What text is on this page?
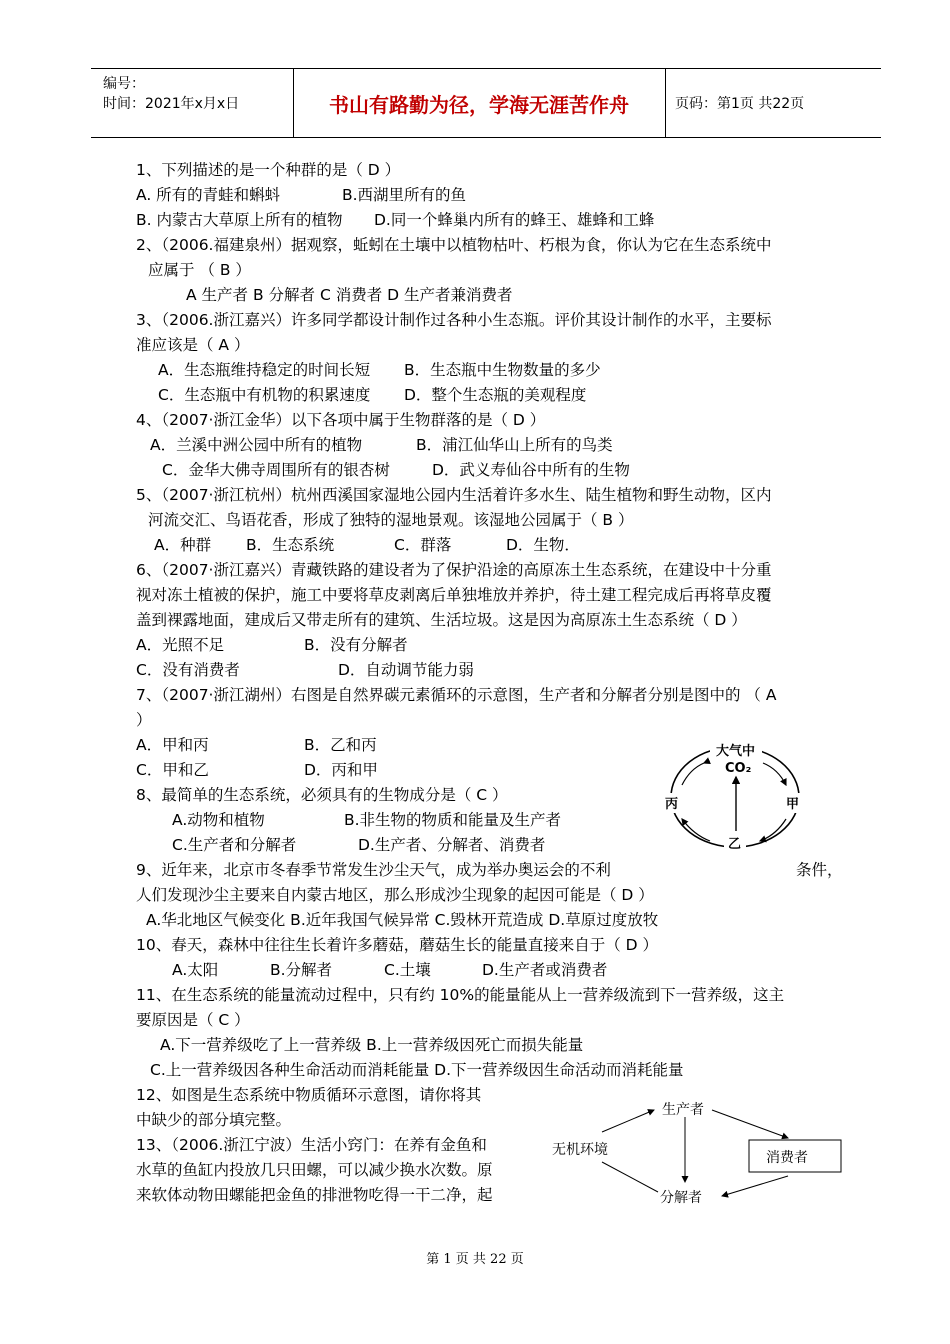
编号：
时间：2021年x月x日	书山有路勤为径，学海无涯苦作舟	页码：第1页 共22页
1、下列描述的是一个种群的是（ D ）
A. 所有的青蛙和蝌蚪	B.西湖里所有的鱼
B. 内蒙古大草原上所有的植物 D.同一个蜂巢内所有的蜂王、雄蜂和工蜂
2、（2006.福建泉州）据观察，蚯蚓在土壤中以植物枯叶、朽根为食，你认为它在生态系统中
应属于 （ B ）
A 生产者 B 分解者 C 消费者 D 生产者兼消费者
3、（2006.浙江嘉兴）许多同学都设计制作过各种小生态瓶。评价其设计制作的水平，主要标
准应该是（ A ）
A．生态瓶维持稳定的时间长短 B．生态瓶中生物数量的多少
C．生态瓶中有机物的积累速度 D．整个生态瓶的美观程度
4、（2007·浙江金华）以下各项中属于生物群落的是（ D ）
A．兰溪中洲公园中所有的植物	B．浦江仙华山上所有的鸟类
C．金华大佛寺周围所有的银杏树	D．武义寿仙谷中所有的生物
5、（2007·浙江杭州）杭州西溪国家湿地公园内生活着许多水生、陆生植物和野生动物，区内
河流交汇、鸟语花香，形成了独特的湿地景观。该湿地公园属于（ B ）
A．种群 B．生态系统	C．群落	D．生物．
6、（2007·浙江嘉兴）青藏铁路的建设者为了保护沿途的高原冻土生态系统，在建设中十分重
视对冻土植被的保护，施工中要将草皮剥离后单独堆放并养护，待土建工程完成后再将草皮覆
盖到裸露地面，建成后又带走所有的建筑、生活垃圾。这是因为高原冻土生态系统（ D ）
A．光照不足	B．没有分解者
C．没有消费者	D．自动调节能力弱
7、（2007·浙江湖州）右图是自然界碳元素循环的示意图，生产者和分解者分别是图中的 （ A
）
A．甲和丙	B．乙和丙
C．甲和乙	D．丙和甲
8、最简单的生态系统，必须具有的生物成分是（ C ）
A.动物和植物	B.非生物的物质和能量及生产者
C.生产者和分解者	D.生产者、分解者、消费者
9、近年来，北京市冬春季节常发生沙尘天气，成为举办奥运会的不利	条件，
人们发现沙尘主要来自内蒙古地区，那么形成沙尘现象的起因可能是（ D ）
A.华北地区气候变化 B.近年我国气候异常 C.毁林开荒造成 D.草原过度放牧
10、春天，森林中往往生长着许多蘑菇，蘑菇生长的能量直接来自于（ D ）
A.太阳	B.分解者	C.土壤	D.生产者或消费者
11、在生态系统的能量流动过程中，只有约 10%的能量能从上一营养级流到下一营养级，这主
要原因是（ C ）
A.下一营养级吃了上一营养级 B.上一营养级因死亡而损失能量
C.上一营养级因各种生命活动而消耗能量 D.下一营养级因生命活动而消耗能量
12、如图是生态系统中物质循环示意图，请你将其
中缺少的部分填完整。
13、（2006.浙江宁波）生活小窍门：在养有金鱼和
水草的鱼缸内投放几只田螺，可以减少换水次数。原
来软体动物田螺能把金鱼的排泄物吃得一干二净，起
大气中
CO₂
甲
丙
乙
生产者
无机环境	消费者
分解者
第 1 页 共 22 页
